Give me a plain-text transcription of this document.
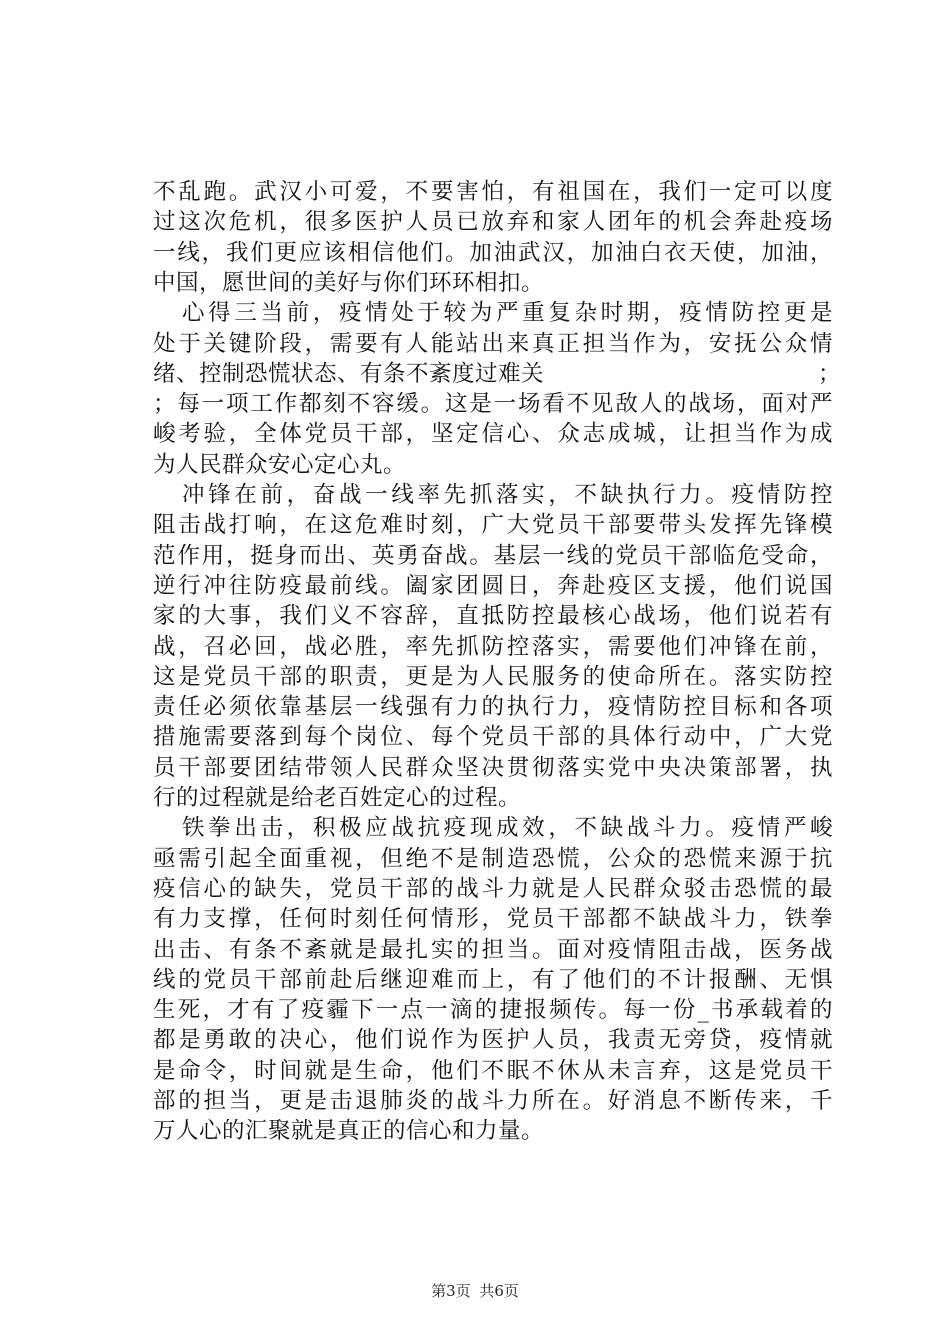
不乱跑。武汉小可爱，不要害怕，有祖国在，我们一定可以度
过这次危机，很多医护人员已放弃和家人团年的机会奔赴疫场
一线，我们更应该相信他们。加油武汉，加油白衣天使，加油，
中国，愿世间的美好与你们环环相扣。
心得三当前，疫情处于较为严重复杂时期，疫情防控更是
处于关键阶段，需要有人能站出来真正担当作为，安抚公众情
绪、控制恐慌状态、有条不紊度过难关	；
；每一项工作都刻不容缓。这是一场看不见敌人的战场，面对严
峻考验，全体党员干部，坚定信心、众志成城，让担当作为成
为人民群众安心定心丸。
冲锋在前，奋战一线率先抓落实，不缺执行力。疫情防控
阻击战打响，在这危难时刻，广大党员干部要带头发挥先锋模
范作用，挺身而出、英勇奋战。基层一线的党员干部临危受命，
逆行冲往防疫最前线。阖家团圆日，奔赴疫区支援，他们说国
家的大事，我们义不容辞，直抵防控最核心战场，他们说若有
战，召必回，战必胜，率先抓防控落实，需要他们冲锋在前，
这是党员干部的职责，更是为人民服务的使命所在。落实防控
责任必须依靠基层一线强有力的执行力，疫情防控目标和各项
措施需要落到每个岗位、每个党员干部的具体行动中，广大党
员干部要团结带领人民群众坚决贯彻落实党中央决策部署，执
行的过程就是给老百姓定心的过程。
铁拳出击，积极应战抗疫现成效，不缺战斗力。疫情严峻
亟需引起全面重视，但绝不是制造恐慌，公众的恐慌来源于抗
疫信心的缺失，党员干部的战斗力就是人民群众驳击恐慌的最
有力支撑，任何时刻任何情形，党员干部都不缺战斗力，铁拳
出击、有条不紊就是最扎实的担当。面对疫情阻击战，医务战
线的党员干部前赴后继迎难而上，有了他们的不计报酬、无惧
生死，才有了疫霾下一点一滴的捷报频传。每一份_书承载着的
都是勇敢的决心，他们说作为医护人员，我责无旁贷，疫情就
是命令，时间就是生命，他们不眠不休从未言弃，这是党员干
部的担当，更是击退肺炎的战斗力所在。好消息不断传来，千
万人心的汇聚就是真正的信心和力量。
第3页 共6页
